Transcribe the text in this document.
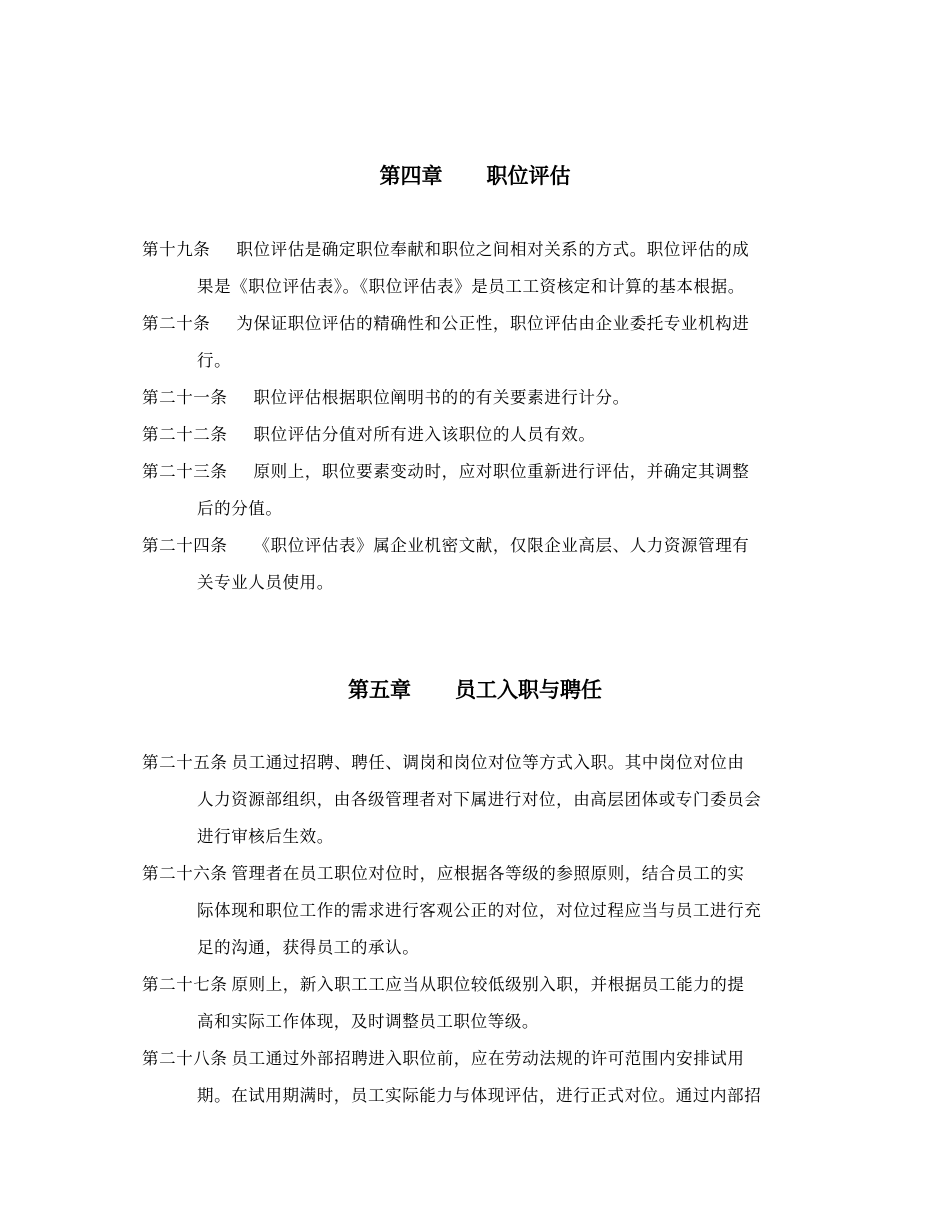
第四章 职位评估
第十九条 职位评估是确定职位奉献和职位之间相对关系的方式。职位评估的成
果是《职位评估表》。《职位评估表》是员工工资核定和计算的基本根据。
第二十条 为保证职位评估的精确性和公正性，职位评估由企业委托专业机构进
行。
第二十一条 职位评估根据职位阐明书的的有关要素进行计分。
第二十二条 职位评估分值对所有进入该职位的人员有效。
第二十三条 原则上，职位要素变动时，应对职位重新进行评估，并确定其调整
后的分值。
第二十四条 《职位评估表》属企业机密文献，仅限企业高层、人力资源管理有
关专业人员使用。
第五章 员工入职与聘任
第二十五条 员工通过招聘、聘任、调岗和岗位对位等方式入职。其中岗位对位由
人力资源部组织，由各级管理者对下属进行对位，由高层团体或专门委员会
进行审核后生效。
第二十六条 管理者在员工职位对位时，应根据各等级的参照原则，结合员工的实
际体现和职位工作的需求进行客观公正的对位，对位过程应当与员工进行充
足的沟通，获得员工的承认。
第二十七条 原则上，新入职工工应当从职位较低级别入职，并根据员工能力的提
高和实际工作体现，及时调整员工职位等级。
第二十八条 员工通过外部招聘进入职位前，应在劳动法规的许可范围内安排试用
期。在试用期满时，员工实际能力与体现评估，进行正式对位。通过内部招
